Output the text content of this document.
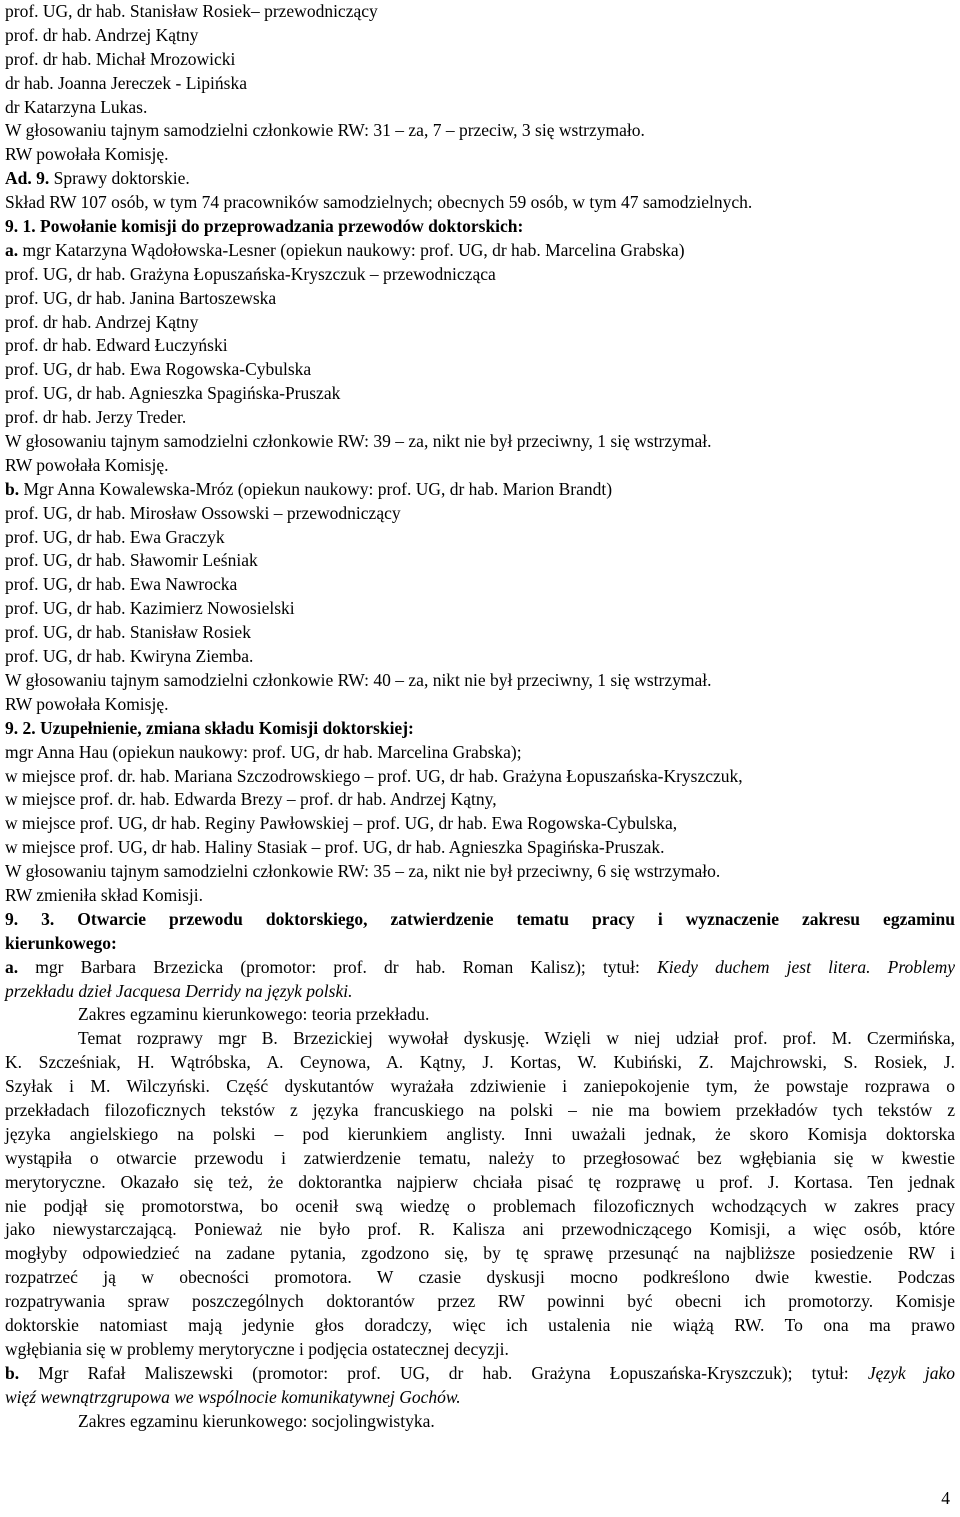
prof. UG, dr hab. Stanisław Rosiek– przewodniczący
prof. dr hab. Andrzej Kątny
prof. dr hab. Michał Mrozowicki
dr hab. Joanna Jereczek - Lipińska
dr Katarzyna Lukas.
W głosowaniu tajnym samodzielni członkowie RW: 31 – za, 7 – przeciw, 3 się wstrzymało.
RW powołała Komisję.
Ad. 9. Sprawy doktorskie.
Skład RW 107 osób, w tym 74 pracowników samodzielnych; obecnych 59 osób, w tym 47 samodzielnych.
9. 1. Powołanie komisji do przeprowadzania przewodów doktorskich:
a. mgr Katarzyna Wądołowska-Lesner (opiekun naukowy: prof. UG, dr hab. Marcelina Grabska)
prof. UG, dr hab. Grażyna Łopuszańska-Kryszczuk – przewodnicząca
prof. UG, dr hab. Janina Bartoszewska
prof. dr hab. Andrzej Kątny
prof. dr hab. Edward Łuczyński
prof. UG, dr hab. Ewa Rogowska-Cybulska
prof. UG, dr hab. Agnieszka Spagińska-Pruszak
prof. dr hab. Jerzy Treder.
W głosowaniu tajnym samodzielni członkowie RW: 39 – za, nikt nie był przeciwny, 1 się wstrzymał.
RW powołała Komisję.
b. Mgr Anna Kowalewska-Mróz (opiekun naukowy: prof. UG, dr hab. Marion Brandt)
prof. UG, dr hab. Mirosław Ossowski – przewodniczący
prof. UG, dr hab. Ewa Graczyk
prof. UG, dr hab. Sławomir Leśniak
prof. UG, dr hab. Ewa Nawrocka
prof. UG, dr hab. Kazimierz Nowosielski
prof. UG, dr hab. Stanisław Rosiek
prof. UG, dr hab. Kwiryna Ziemba.
W głosowaniu tajnym samodzielni członkowie RW: 40 – za, nikt nie był przeciwny, 1 się wstrzymał.
RW powołała Komisję.
9. 2. Uzupełnienie, zmiana składu Komisji doktorskiej:
mgr Anna Hau (opiekun naukowy: prof. UG, dr hab. Marcelina Grabska);
w miejsce prof. dr. hab. Mariana Szczodrowskiego – prof. UG, dr hab. Grażyna Łopuszańska-Kryszczuk,
w miejsce prof. dr. hab. Edwarda Brezy – prof. dr hab. Andrzej Kątny,
w miejsce prof. UG, dr hab. Reginy Pawłowskiej – prof. UG, dr hab. Ewa Rogowska-Cybulska,
w miejsce prof. UG, dr hab. Haliny Stasiak – prof. UG, dr hab. Agnieszka Spagińska-Pruszak.
W głosowaniu tajnym samodzielni członkowie RW: 35 – za, nikt nie był przeciwny, 6 się wstrzymało.
RW zmieniła skład Komisji.
9. 3. Otwarcie przewodu doktorskiego, zatwierdzenie tematu pracy i wyznaczenie zakresu egzaminu
kierunkowego:
a. mgr Barbara Brzezicka (promotor: prof. dr hab. Roman Kalisz); tytuł: Kiedy duchem jest litera. Problemy
przekładu dzieł Jacquesa Derridy na język polski.
Zakres egzaminu kierunkowego: teoria przekładu.
Temat rozprawy mgr B. Brzezickiej wywołał dyskusję. Wzięli w niej udział prof. prof. M. Czermińska,
K. Szcześniak, H. Wątróbska, A. Ceynowa, A. Kątny, J. Kortas, W. Kubiński, Z. Majchrowski, S. Rosiek, J.
Szyłak i M. Wilczyński. Część dyskutantów wyrażała zdziwienie i zaniepokojenie tym, że powstaje rozprawa o
przekładach filozoficznych tekstów z języka francuskiego na polski – nie ma bowiem przekładów tych tekstów z
języka angielskiego na polski – pod kierunkiem anglisty. Inni uważali jednak, że skoro Komisja doktorska
wystąpiła o otwarcie przewodu i zatwierdzenie tematu, należy to przegłosować bez wgłębiania się w kwestie
merytoryczne. Okazało się też, że doktorantka najpierw chciała pisać tę rozprawę u prof. J. Kortasa. Ten jednak
nie podjął się promotorstwa, bo ocenił swą wiedzę o problemach filozoficznych wchodzących w zakres pracy
jako niewystarczającą. Ponieważ nie było prof. R. Kalisza ani przewodniczącego Komisji, a więc osób, które
mogłyby odpowiedzieć na zadane pytania, zgodzono się, by tę sprawę przesunąć na najbliższe posiedzenie RW i
rozpatrzeć ją w obecności promotora. W czasie dyskusji mocno podkreślono dwie kwestie. Podczas
rozpatrywania spraw poszczególnych doktorantów przez RW powinni być obecni ich promotorzy. Komisje
doktorskie natomiast mają jedynie głos doradczy, więc ich ustalenia nie wiążą RW. To ona ma prawo
wgłębiania się w problemy merytoryczne i podjęcia ostatecznej decyzji.
b. Mgr Rafał Maliszewski (promotor: prof. UG, dr hab. Grażyna Łopuszańska-Kryszczuk); tytuł: Język jako
więź wewnątrzgrupowa we wspólnocie komunikatywnej Gochów.
Zakres egzaminu kierunkowego: socjolingwistyka.
4
